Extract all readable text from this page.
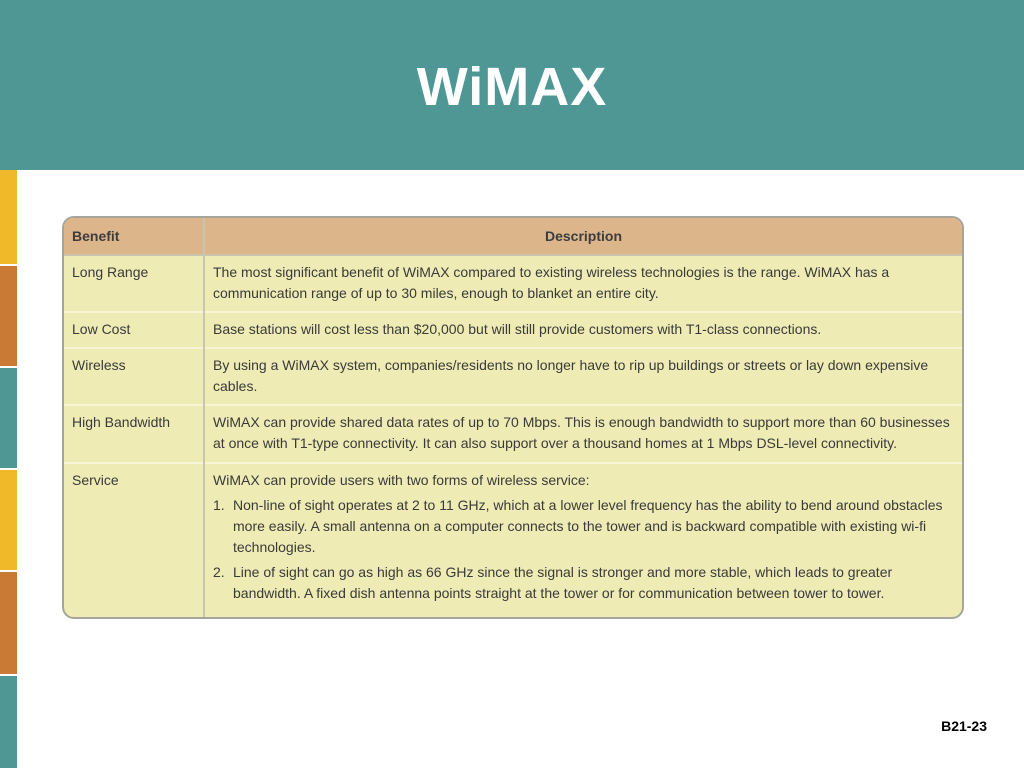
WiMAX
Benefit	Description
Long Range	The most significant benefit of WiMAX compared to existing wireless technologies is the range. WiMAX has a communication range of up to 30 miles, enough to blanket an entire city.
Low Cost	Base stations will cost less than $20,000 but will still provide customers with T1-class connections.
Wireless	By using a WiMAX system, companies/residents no longer have to rip up buildings or streets or lay down expensive cables.
High Bandwidth	WiMAX can provide shared data rates of up to 70 Mbps. This is enough bandwidth to support more than 60 businesses at once with T1-type connectivity. It can also support over a thousand homes at 1 Mbps DSL-level connectivity.
Service	WiMAX can provide users with two forms of wireless service:
1. Non-line of sight operates at 2 to 11 GHz, which at a lower level frequency has the ability to bend around obstacles more easily. A small antenna on a computer connects to the tower and is backward compatible with existing wi-fi technologies.
2. Line of sight can go as high as 66 GHz since the signal is stronger and more stable, which leads to greater bandwidth. A fixed dish antenna points straight at the tower or for communication between tower to tower.
B21-23
